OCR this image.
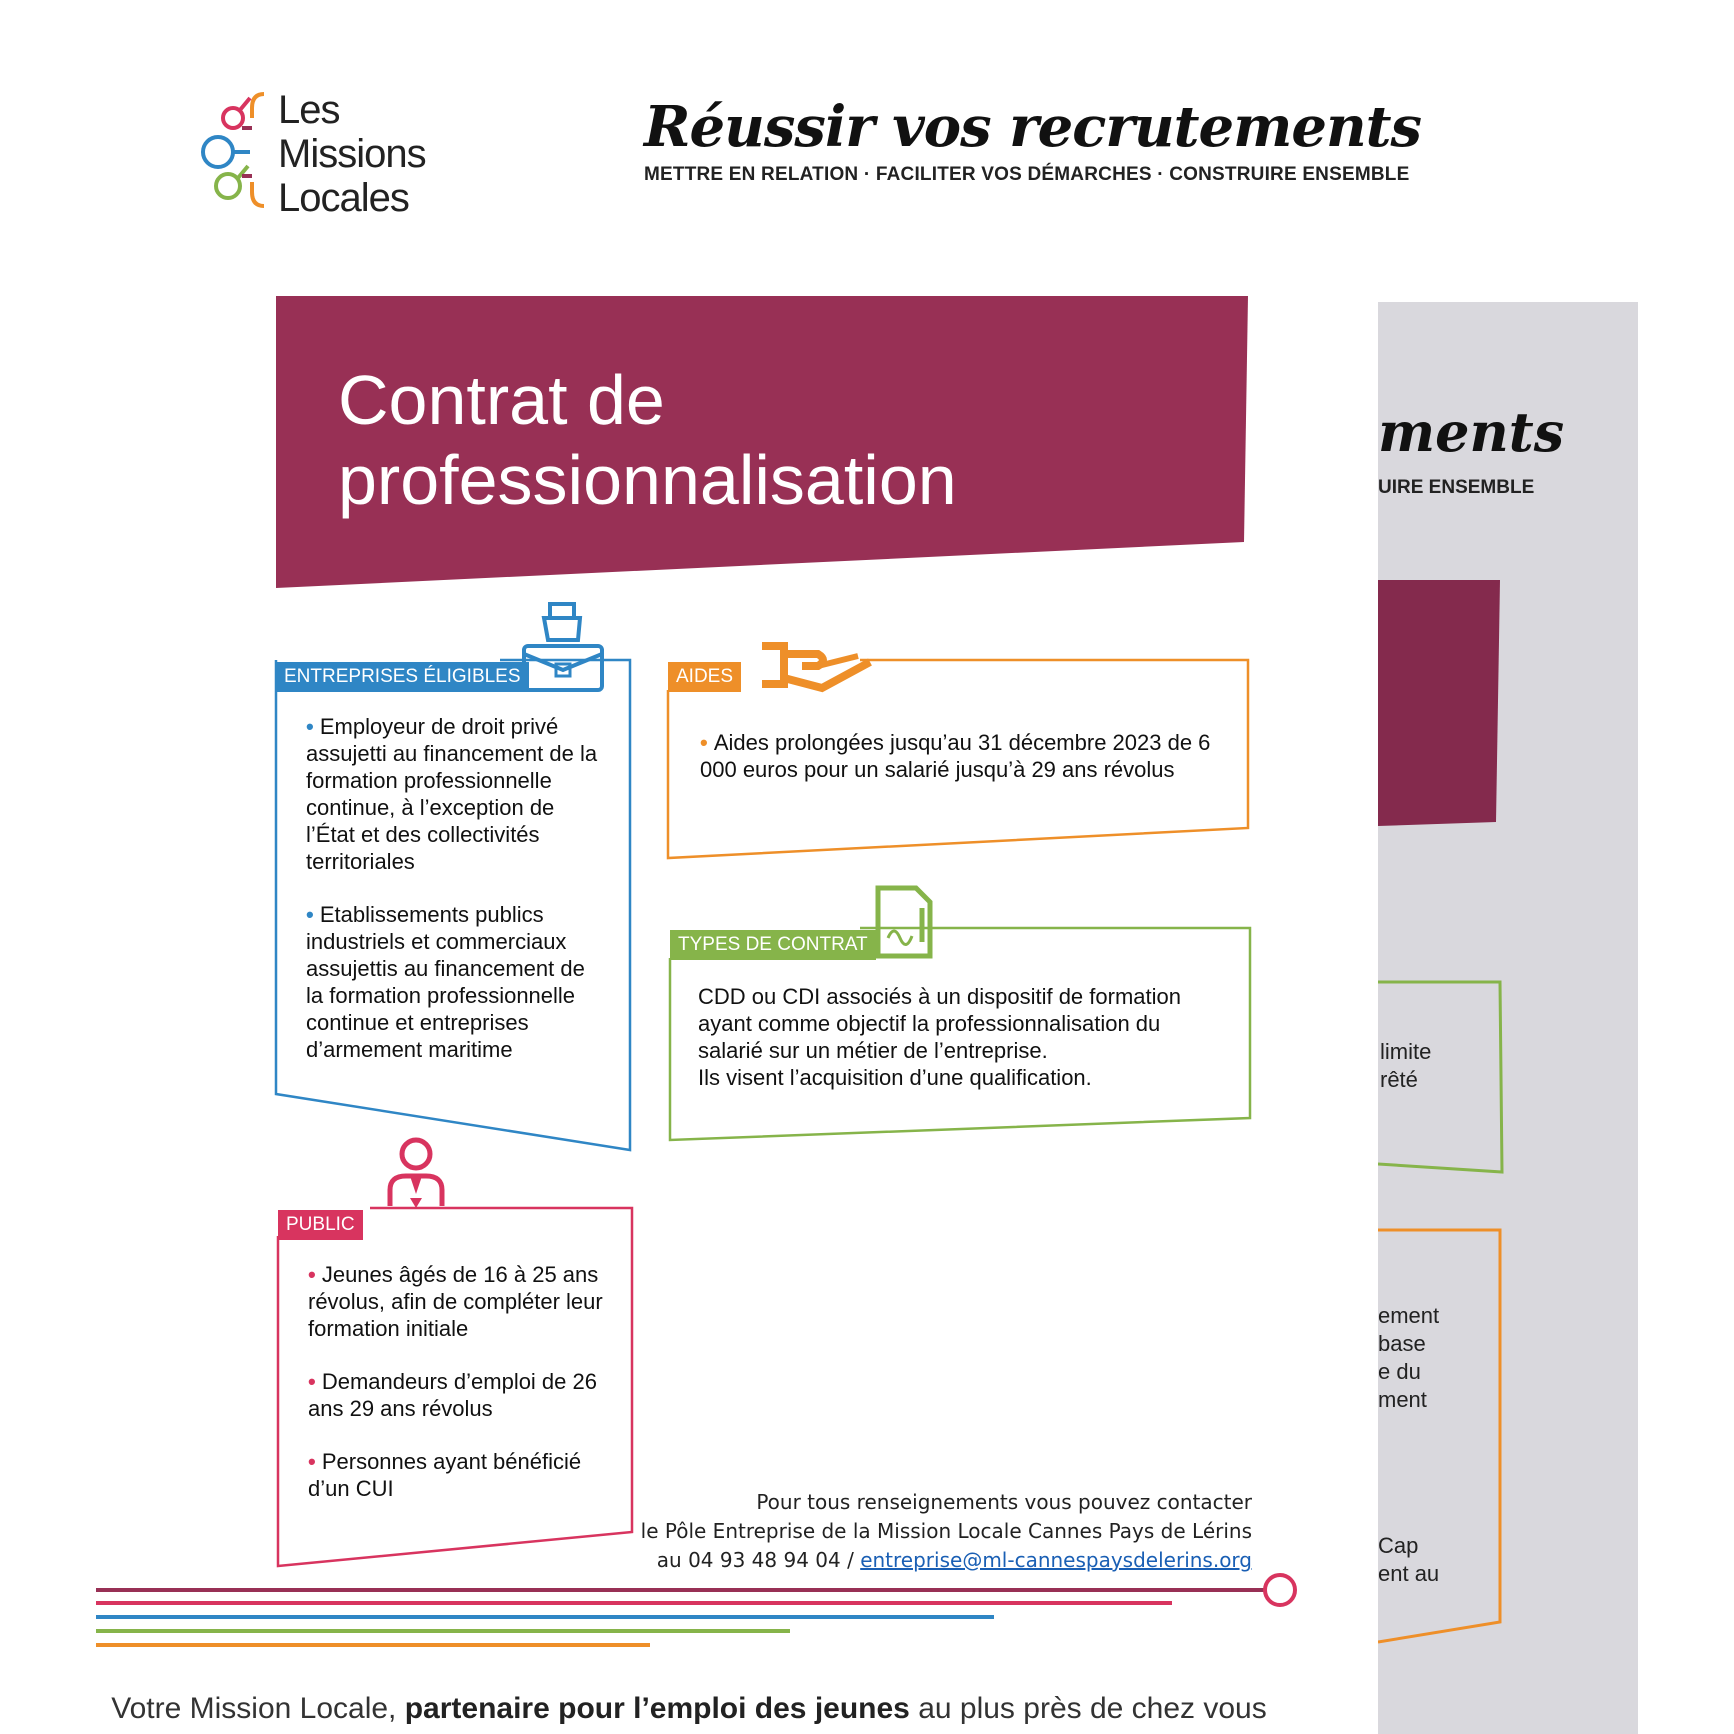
ments
UIRE ENSEMBLE
limite
rêté
ement
base
e du
ment
Cap
ent au
Les
Missions
Locales
Réussir vos recrutements
METTRE EN RELATION · FACILITER VOS DÉMARCHES · CONSTRUIRE ENSEMBLE
Contrat de
professionnalisation
ENTREPRISES ÉLIGIBLES	AIDES
TYPES DE CONTRAT
PUBLIC

• Employeur de droit privé assujetti au financement de la formation professionnelle continue, à l’exception de l’État et des collectivités territoriales

• Etablissements publics industriels et commerciaux assujettis au financement de la formation professionnelle continue et entreprises d’armement maritime

• Aides prolongées jusqu’au 31 décembre 2023 de 6 000 euros pour un salarié jusqu’à 29 ans révolus

CDD ou CDI associés à un dispositif de formation ayant comme objectif la professionnalisation du salarié sur un métier de l’entreprise.
Ils visent l’acquisition d’une qualification.

• Jeunes âgés de 16 à 25 ans révolus, afin de compléter leur formation initiale

• Demandeurs d’emploi de 26 ans 29 ans révolus

• Personnes ayant bénéficié d’un CUI

Pour tous renseignements vous pouvez contacter
le Pôle Entreprise de la Mission Locale Cannes Pays de Lérins
au 04 93 48 94 04 / entreprise@ml-cannespaysdelerins.org
Votre Mission Locale, partenaire pour l’emploi des jeunes au plus près de chez vous
